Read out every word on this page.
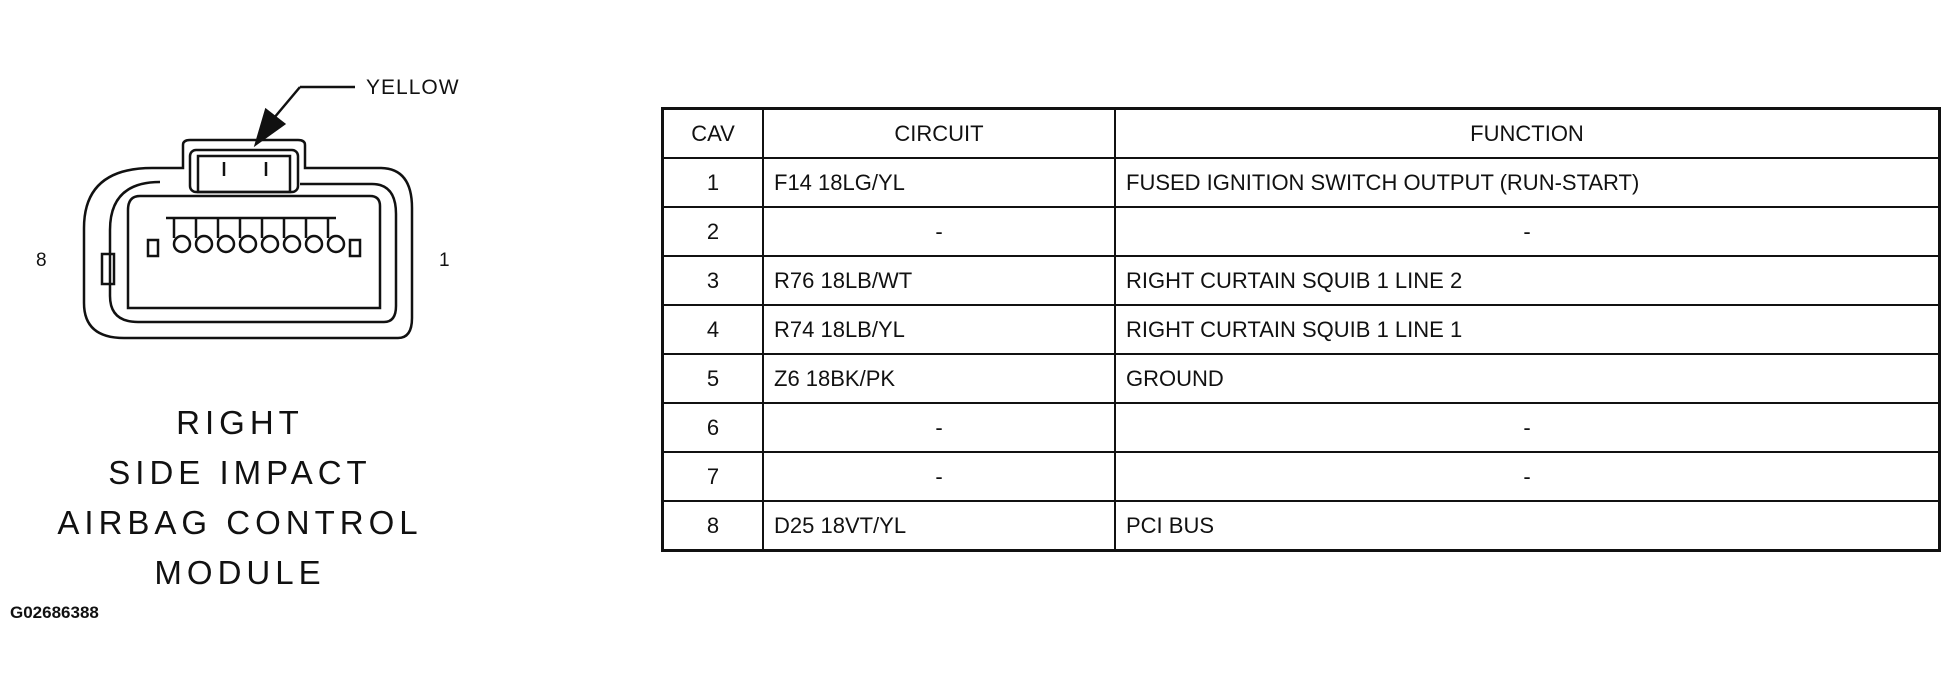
YELLOW
8	1
RIGHT
SIDE IMPACT
AIRBAG CONTROL
MODULE
G02686388
CAV	CIRCUIT	FUNCTION
1	F14 18LG/YL	FUSED IGNITION SWITCH OUTPUT (RUN-START)
2	-	-
3	R76 18LB/WT	RIGHT CURTAIN SQUIB 1 LINE 2
4	R74 18LB/YL	RIGHT CURTAIN SQUIB 1 LINE 1
5	Z6 18BK/PK	GROUND
6	-	-
7	-	-
8	D25 18VT/YL	PCI BUS
